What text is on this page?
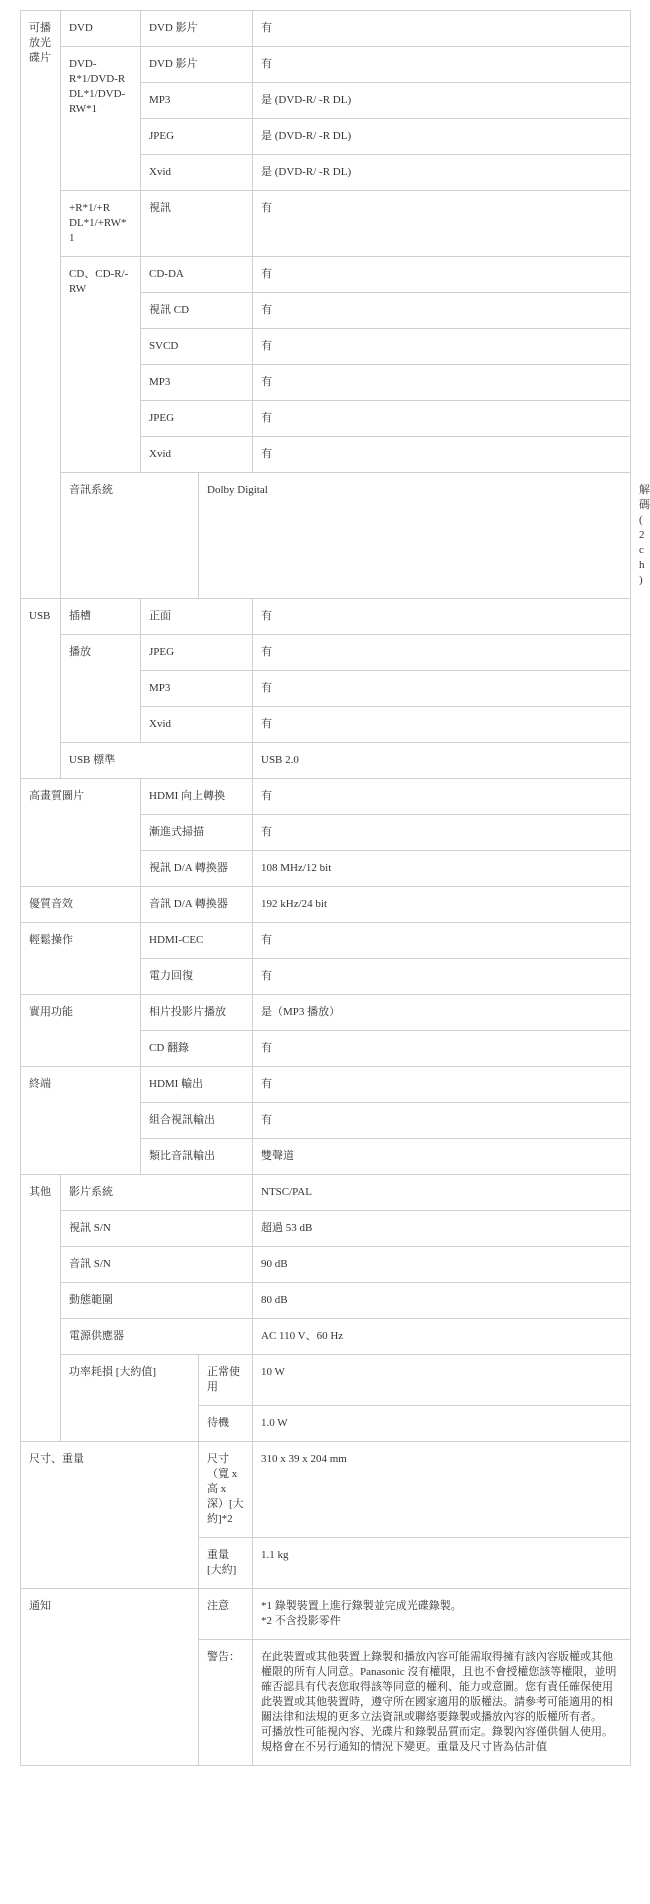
可播放光碟片	DVD	DVD 影片		有	
	DVD-R*1/DVD-R DL*1/DVD-RW*1	DVD 影片		有	
		MP3		是 (DVD-R/ -R DL)	
		JPEG		是 (DVD-R/ -R DL)	
		Xvid		是 (DVD-R/ -R DL)	
	+R*1/+R DL*1/+RW*1	視訊		有	
	CD、CD-R/-RW	CD-DA		有	
		視訊 CD		有	
		SVCD		有	
		MP3		有	
		JPEG		有	
		Xvid		有	
	音訊系統		Dolby Digital		解碼 (2ch)
USB	插槽	正面		有	
	播放	JPEG		有	
		MP3		有	
		Xvid		有	
	USB 標準			USB 2.0	
高畫質圖片		HDMI 向上轉換		有	
		漸進式掃描		有	
		視訊 D/A 轉換器		108 MHz/12 bit	
優質音效		音訊 D/A 轉換器		192 kHz/24 bit	
輕鬆操作		HDMI-CEC		有	
		電力回復		有	
實用功能		相片投影片播放		是（MP3 播放）	
		CD 翻錄		有	
終端		HDMI 輸出		有	
		組合視訊輸出		有	
		類比音訊輸出		雙聲道	
其他	影片系統			NTSC/PAL	
	視訊 S/N			超過 53 dB	
	音訊 S/N			90 dB	
	動態範圍			80 dB	
	電源供應器			AC 110 V、60 Hz	
	功率耗損 [大約值]		正常使用	10 W	
			待機	1.0 W	
尺寸、重量			尺寸（寬 x 高 x 深）[大約]*2	310 x 39 x 204 mm	
			重量 [大約]	1.1 kg	
通知			注意	*1 錄製裝置上進行錄製並完成光碟錄製。
*2 不含投影零件	
			警告：	在此裝置或其他裝置上錄製和播放內容可能需取得擁有該內容版權或其他權限的所有人同意。Panasonic 沒有權限，且也不會授權您該等權限，並明確否認具有代表您取得該等同意的權利、能力或意圖。您有責任確保使用此裝置或其他裝置時，遵守所在國家適用的版權法。請參考可能適用的相關法律和法規的更多立法資訊或聯絡要錄製或播放內容的版權所有者。
可播放性可能視內容、光碟片和錄製品質而定。錄製內容僅供個人使用。
規格會在不另行通知的情況下變更。重量及尺寸皆為估計值	
